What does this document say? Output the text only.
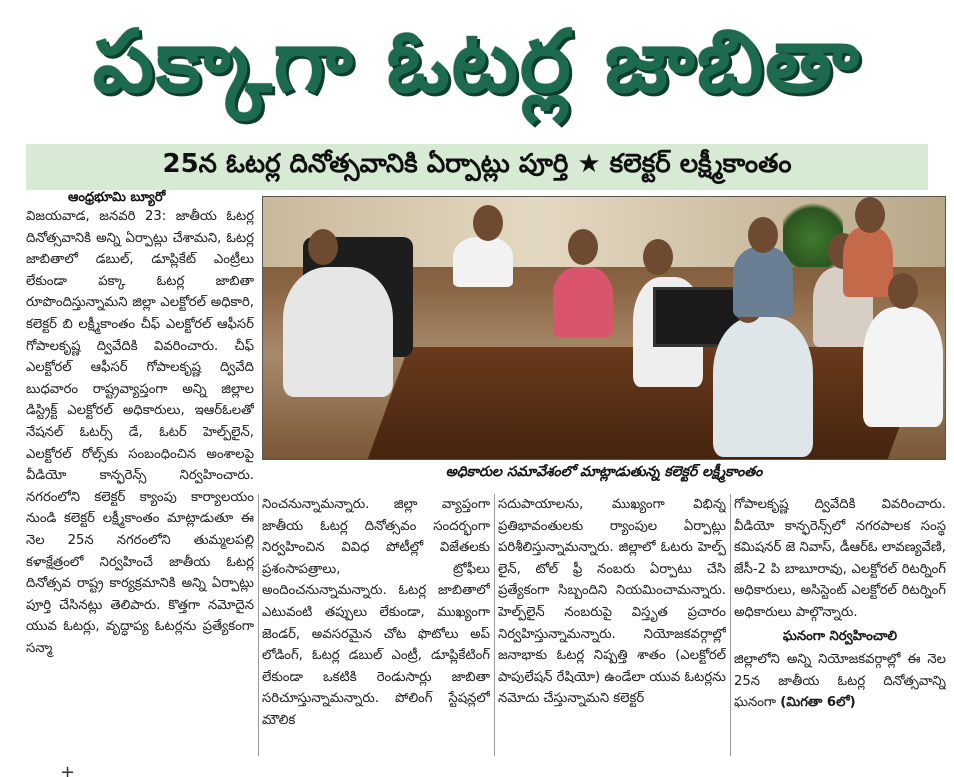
పక్కాగా ఓటర్ల జాబితా
25న ఓటర్ల దినోత్సవానికి ఏర్పాట్లు పూర్తి ★ కలెక్టర్ లక్ష్మీకాంతం
ఆంధ్రభూమి బ్యూరో

విజయవాడ, జనవరి 23: జాతీయ ఓటర్ల దినోత్సవానికి అన్ని ఏర్పాట్లు చేశామని, ఓటర్ల జాబితాలో డబుల్, డూప్లికేట్ ఎంట్రీలు లేకుండా పక్కా ఓటర్ల జాబితా రూపొందిస్తున్నామని జిల్లా ఎలక్టోరల్ అధికారి, కలెక్టర్ బి లక్ష్మీకాంతం చీఫ్ ఎలక్టోరల్ ఆఫీసర్ గోపాలకృష్ణ ద్వివేదికి వివరించారు. చీఫ్ ఎలక్టోరల్ ఆఫీసర్ గోపాలకృష్ణ ద్వివేది బుధవారం రాష్ట్రవ్యాప్తంగా అన్ని జిల్లాల డిస్ట్రిక్ట్ ఎలక్టోరల్ అధికారులు, ఇఆర్ఓలతో నేషనల్ ఓటర్స్ డే, ఓటర్ హెల్ప్‌లైన్, ఎలక్టోరల్ రోల్స్‌కు సంబంధించిన అంశాలపై వీడియో కాన్ఫరెన్స్ నిర్వహించారు. నగరంలోని కలెక్టర్ క్యాంపు కార్యాలయం నుండి కలెక్టర్ లక్ష్మీకాంతం మాట్లాడుతూ ఈ నెల 25న నగరంలోని తుమ్మలపల్లి కళాక్షేత్రంలో నిర్వహించే జాతీయ ఓటర్ల దినోత్సవ రాష్ట్ర కార్యక్రమానికి అన్ని ఏర్పాట్లు పూర్తి చేసినట్లు తెలిపారు. కొత్తగా నమోదైన యువ ఓటర్లు, వృద్ధాప్య ఓటర్లను ప్రత్యేకంగా సన్మా

అధికారుల సమావేశంలో మాట్లాడుతున్న కలెక్టర్ లక్ష్మీకాంతం

నించనున్నామన్నారు. జిల్లా వ్యాప్తంగా జాతీయ ఓటర్ల దినోత్సవం సందర్భంగా నిర్వహించిన వివిధ పోటీల్లో విజేతలకు ప్రశంసాపత్రాలు, ట్రోఫీలు అందించనున్నామన్నారు. ఓటర్ల జాబితాలో ఎటువంటి తప్పులు లేకుండా, ముఖ్యంగా జెండర్, అవసరమైన చోట ఫొటోలు అప్ లోడింగ్, ఓటర్ల డబుల్ ఎంట్రీ, డూప్లికేటింగ్ లేకుండా ఒకటికి రెండుసార్లు జాబితా సరిచూస్తున్నామన్నారు. పోలింగ్ స్టేషన్లలో మౌలిక

సదుపాయాలను, ముఖ్యంగా విభిన్న ప్రతిభావంతులకు ర్యాంపుల ఏర్పాట్లు పరిశీలిస్తున్నామన్నారు. జిల్లాలో ఓటరు హెల్ప్ లైన్, టోల్ ఫ్రీ నంబరు ఏర్పాటు చేసి ప్రత్యేకంగా సిబ్బందిని నియమించామన్నారు. హెల్ప్‌లైన్ నంబరుపై విస్తృత ప్రచారం నిర్వహిస్తున్నామన్నారు. నియోజకవర్గాల్లో జనాభాకు ఓటర్ల నిష్పత్తి శాతం (ఎలక్టోరల్ పాపులేషన్ రేషియో) ఉండేలా యువ ఓటర్లను నమోదు చేస్తున్నామని కలెక్టర్

గోపాలకృష్ణ ద్వివేదికి వివరించారు. వీడియో కాన్ఫరెన్స్‌లో నగరపాలక సంస్థ కమిషనర్ జె నివాస్, డీఆర్‌ఓ లావణ్యవేణి, జేసీ-2 పి బాబూరావు, ఎలక్టోరల్ రిటర్నింగ్ అధికారులు, అసిస్టెంట్ ఎలక్టోరల్ రిటర్నింగ్ అధికారులు పాల్గొన్నారు.

ఘనంగా నిర్వహించాలి

జిల్లాలోని అన్ని నియోజకవర్గాల్లో ఈ నెల 25న జాతీయ ఓటర్ల దినోత్సవాన్ని ఘనంగా (మిగతా 6లో)

+
